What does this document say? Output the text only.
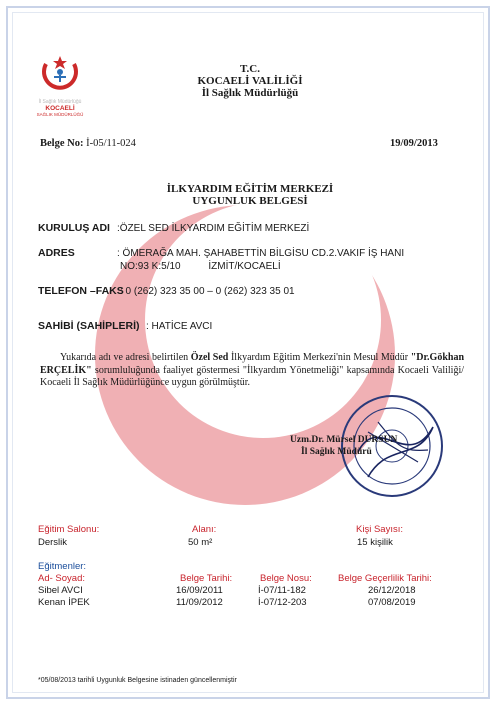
İl Sağlık Müdürlüğü
KOCAELİ
SAĞLIK MÜDÜRLÜĞÜ
T.C.
KOCAELİ VALİLİĞİ
İl Sağlık Müdürlüğü
Belge No: İ-05/11-024	19/09/2013
İLKYARDIM EĞİTİM MERKEZİ
UYGUNLUK BELGESİ
KURULUŞ ADI :ÖZEL SED İLKYARDIM EĞİTİM MERKEZİ
ADRES	: ÖMERAĞA MAH. ŞAHABETTİN BİLGİSU CD.2.VAKIF İŞ HANI
NO:93 K:5/10          İZMİT/KOCAELİ
TELEFON –FAKS
: 0 (262) 323 35 00 – 0 (262) 323 35 01
SAHİBİ (SAHİPLERİ) : HATİCE AVCI
Yukarıda adı ve adresi belirtilen Özel Sed İlkyardım Eğitim Merkezi'nin Mesul Müdür "Dr.Gökhan ERÇELİK" sorumluluğunda faaliyet göstermesi "İlkyardım Yönetmeliği" kapsamında Kocaeli Valiliği/ Kocaeli İl Sağlık Müdürlüğünce uygun görülmüştür.
Uzm.Dr. Mürsel DURSUN
İl Sağlık Müdürü
Eğitim Salonu:
Derslik
Alanı:
50 m²
Kişi Sayısı:
15 kişilik
Eğitmenler:
Ad- Soyad:	Belge Tarihi:	Belge Nosu:	Belge Geçerlilik Tarihi:
Sibel AVCI	16/09/2011	İ-07/11-182	26/12/2018
Kenan İPEK	11/09/2012	İ-07/12-203	07/08/2019
*05/08/2013 tarihli Uygunluk Belgesine istinaden güncellenmiştir
